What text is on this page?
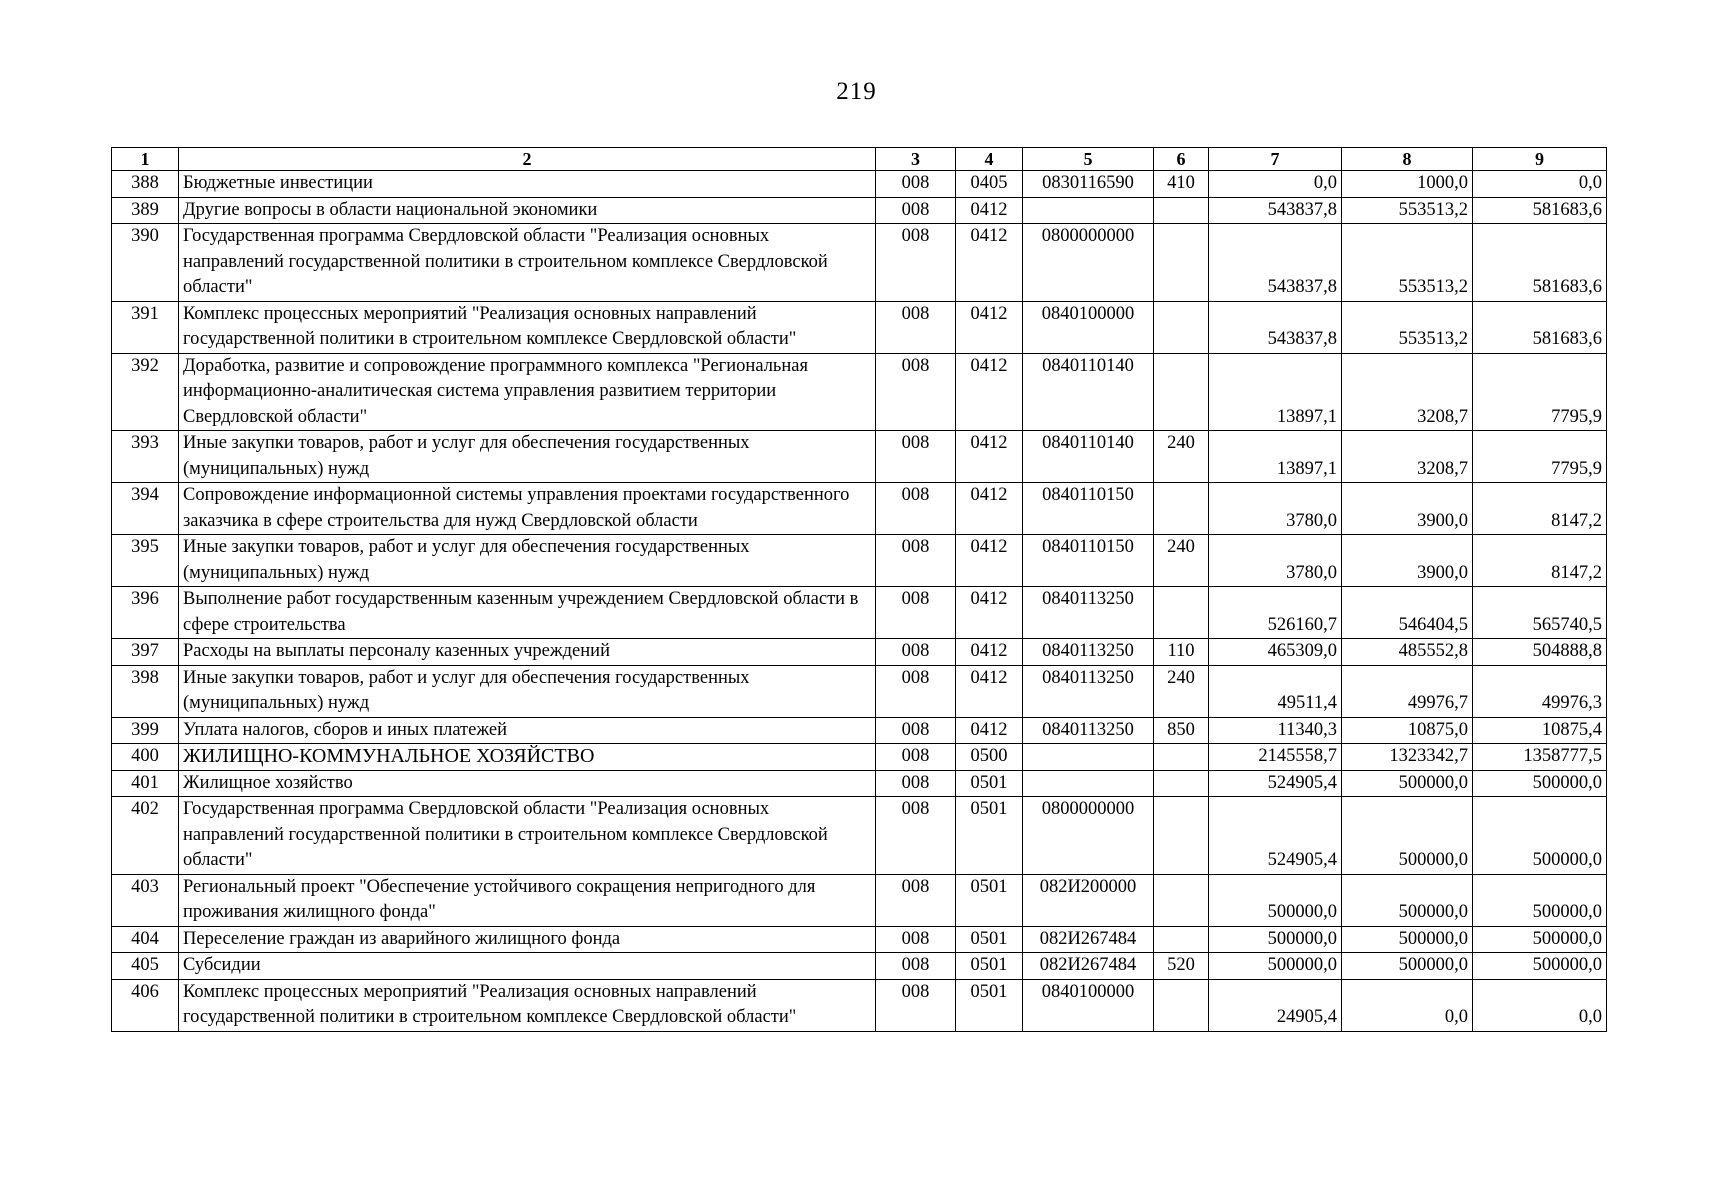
219
1	2	3	4	5	6	7	8	9
388	Бюджетные инвестиции	008	0405	0830116590	410	0,0	1000,0	0,0
389	Другие вопросы в области национальной экономики	008	0412			543837,8	553513,2	581683,6
390	Государственная программа Свердловской области "Реализация основных направлений государственной политики в строительном комплексе Свердловской области"	008	0412	0800000000		543837,8	553513,2	581683,6
391	Комплекс процессных мероприятий "Реализация основных направлений государственной политики в строительном комплексе Свердловской области"	008	0412	0840100000		543837,8	553513,2	581683,6
392	Доработка, развитие и сопровождение программного комплекса "Региональная информационно-аналитическая система управления развитием территории Свердловской области"	008	0412	0840110140		13897,1	3208,7	7795,9
393	Иные закупки товаров, работ и услуг для обеспечения государственных (муниципальных) нужд	008	0412	0840110140	240	13897,1	3208,7	7795,9
394	Сопровождение информационной системы управления проектами государственного заказчика в сфере строительства для нужд Свердловской области	008	0412	0840110150		3780,0	3900,0	8147,2
395	Иные закупки товаров, работ и услуг для обеспечения государственных (муниципальных) нужд	008	0412	0840110150	240	3780,0	3900,0	8147,2
396	Выполнение работ государственным казенным учреждением Свердловской области в сфере строительства	008	0412	0840113250		526160,7	546404,5	565740,5
397	Расходы на выплаты персоналу казенных учреждений	008	0412	0840113250	110	465309,0	485552,8	504888,8
398	Иные закупки товаров, работ и услуг для обеспечения государственных (муниципальных) нужд	008	0412	0840113250	240	49511,4	49976,7	49976,3
399	Уплата налогов, сборов и иных платежей	008	0412	0840113250	850	11340,3	10875,0	10875,4
400	ЖИЛИЩНО-КОММУНАЛЬНОЕ ХОЗЯЙСТВО	008	0500			2145558,7	1323342,7	1358777,5
401	Жилищное хозяйство	008	0501			524905,4	500000,0	500000,0
402	Государственная программа Свердловской области "Реализация основных направлений государственной политики в строительном комплексе Свердловской области"	008	0501	0800000000		524905,4	500000,0	500000,0
403	Региональный проект "Обеспечение устойчивого сокращения непригодного для проживания жилищного фонда"	008	0501	082И200000		500000,0	500000,0	500000,0
404	Переселение граждан из аварийного жилищного фонда	008	0501	082И267484		500000,0	500000,0	500000,0
405	Субсидии	008	0501	082И267484	520	500000,0	500000,0	500000,0
406	Комплекс процессных мероприятий "Реализация основных направлений государственной политики в строительном комплексе Свердловской области"	008	0501	0840100000		24905,4	0,0	0,0
